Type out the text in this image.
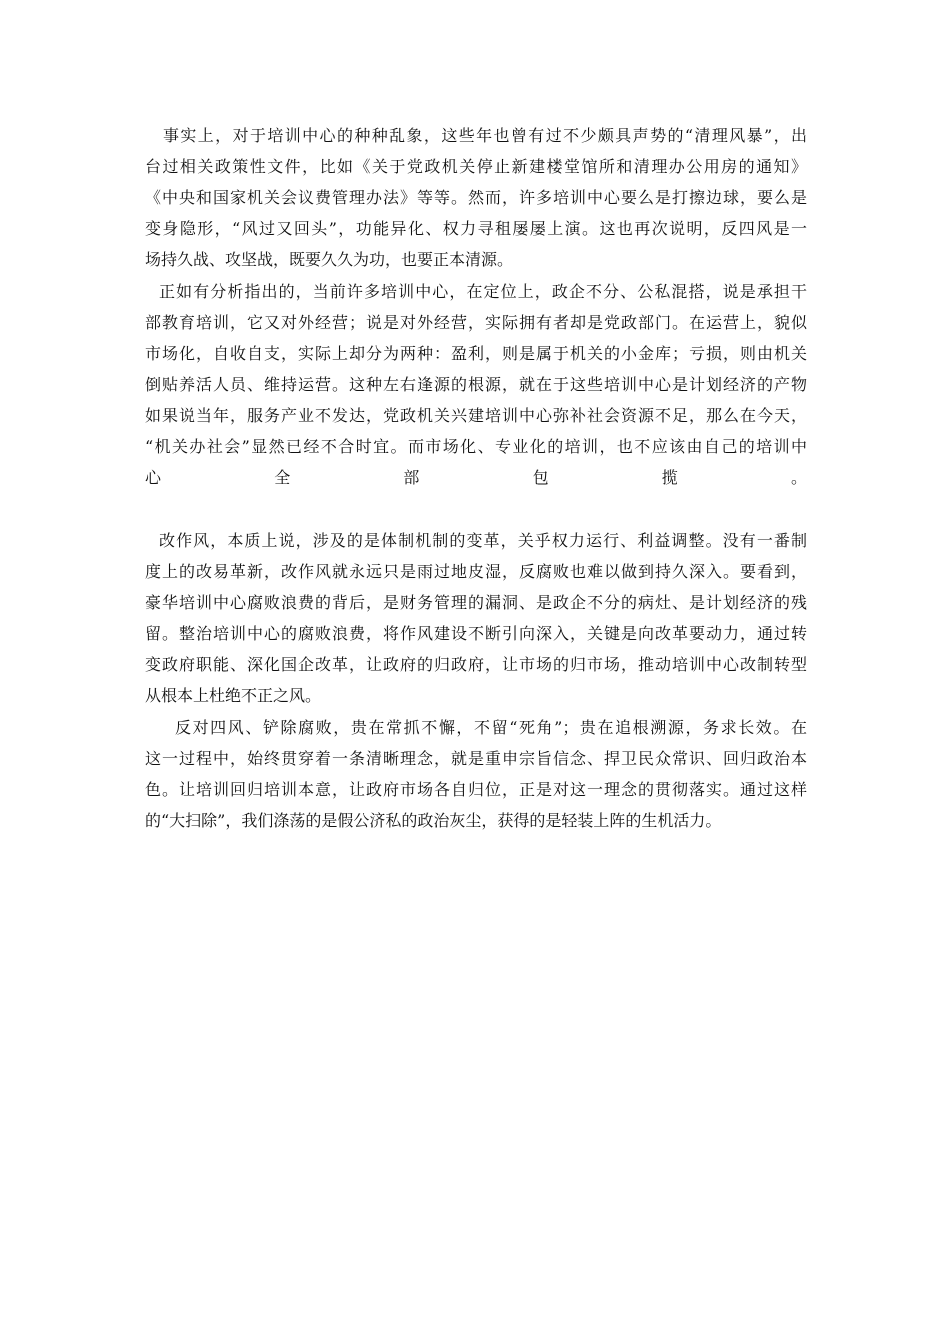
事实上，对于培训中心的种种乱象，这些年也曾有过不少颇具声势的“清理风暴”，出
台过相关政策性文件，比如《关于党政机关停止新建楼堂馆所和清理办公用房的通知》
《中央和国家机关会议费管理办法》等等。然而，许多培训中心要么是打擦边球，要么是
变身隐形，“风过又回头”，功能异化、权力寻租屡屡上演。这也再次说明，反四风是一
场持久战、攻坚战，既要久久为功，也要正本清源。
正如有分析指出的，当前许多培训中心，在定位上，政企不分、公私混搭，说是承担干
部教育培训，它又对外经营；说是对外经营，实际拥有者却是党政部门。在运营上，貌似
市场化，自收自支，实际上却分为两种：盈利，则是属于机关的小金库；亏损，则由机关
倒贴养活人员、维持运营。这种左右逢源的根源，就在于这些培训中心是计划经济的产物
如果说当年，服务产业不发达，党政机关兴建培训中心弥补社会资源不足，那么在今天，
“机关办社会”显然已经不合时宜。而市场化、专业化的培训，也不应该由自己的培训中
心全部包揽。
改作风，本质上说，涉及的是体制机制的变革，关乎权力运行、利益调整。没有一番制
度上的改易革新，改作风就永远只是雨过地皮湿，反腐败也难以做到持久深入。要看到，
豪华培训中心腐败浪费的背后，是财务管理的漏洞、是政企不分的病灶、是计划经济的残
留。整治培训中心的腐败浪费，将作风建设不断引向深入，关键是向改革要动力，通过转
变政府职能、深化国企改革，让政府的归政府，让市场的归市场，推动培训中心改制转型
从根本上杜绝不正之风。
反对四风、铲除腐败，贵在常抓不懈，不留“死角”；贵在追根溯源，务求长效。在
这一过程中，始终贯穿着一条清晰理念，就是重申宗旨信念、捍卫民众常识、回归政治本
色。让培训回归培训本意，让政府市场各自归位，正是对这一理念的贯彻落实。通过这样
的“大扫除”，我们涤荡的是假公济私的政治灰尘，获得的是轻装上阵的生机活力。
